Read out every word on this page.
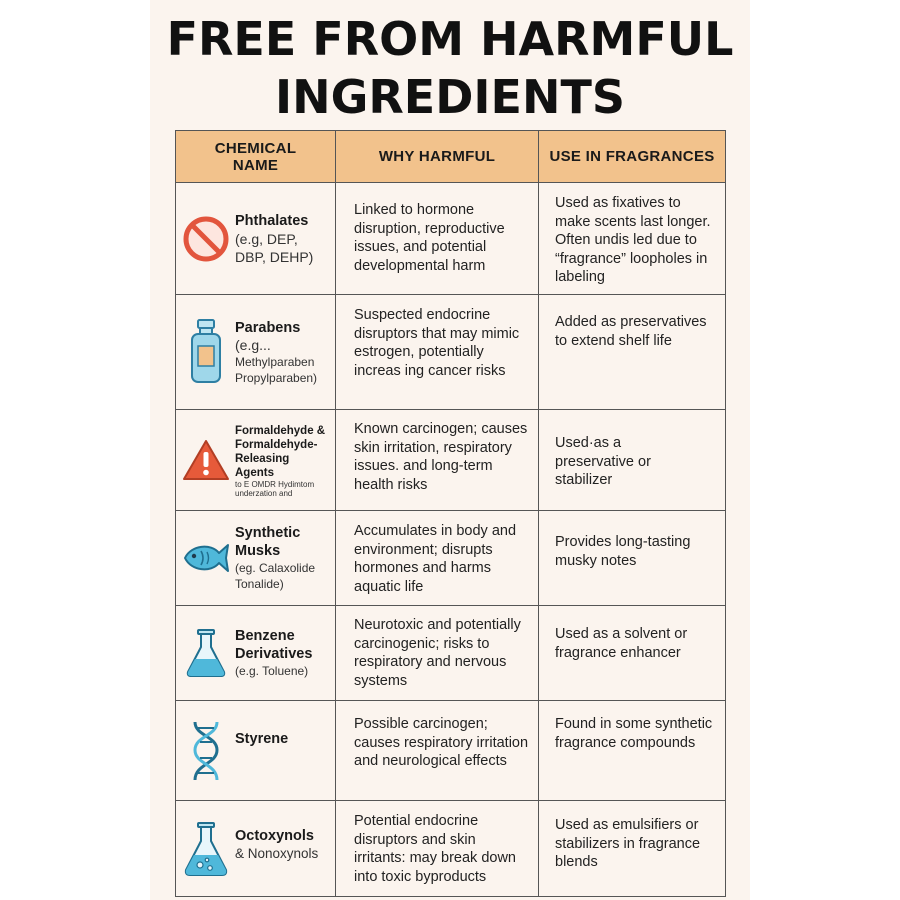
FREE FROM HARMFUL
INGREDIENTS
CHEMICAL NAME	WHY HARMFUL	USE IN FRAGRANCES

Phthalates
(e.g, DEP, DBP, DEHP)	Linked to hormone disruption, reproductive issues, and potential developmental harm	Used as fixatives to make scents last longer. Often undis led due to “fragrance” loopholes in labeling

Parabens
(e.g...
Methylparaben Propylparaben)	Suspected endocrine disruptors that may mimic estrogen, potentially increas ing cancer risks	Added as preservatives to extend shelf life

Formaldehyde & Formaldehyde-Releasing Agents
to E OMDR Hydimtom underzation and	Known carcinogen; causes skin irritation, respiratory issues. and long-term health risks	Used·as a preservative or stabilizer

Synthetic Musks
(eg. Calaxolide Tonalide)	Accumulates in body and environment; disrupts hormones and harms aquatic life	Provides long-tasting musky notes

Benzene Derivatives
(e.g. Toluene)	Neurotoxic and potentially carcinogenic; risks to respiratory and nervous systems	Used as a solvent or fragrance enhancer

Styrene	Possible carcinogen; causes respiratory irritation and neurological effects	Found in some synthetic fragrance compounds

Octoxynols
& Nonoxynols	Potential endocrine disruptors and skin irritants: may break down into toxic byproducts	Used as emulsifiers or stabilizers in fragrance blends
